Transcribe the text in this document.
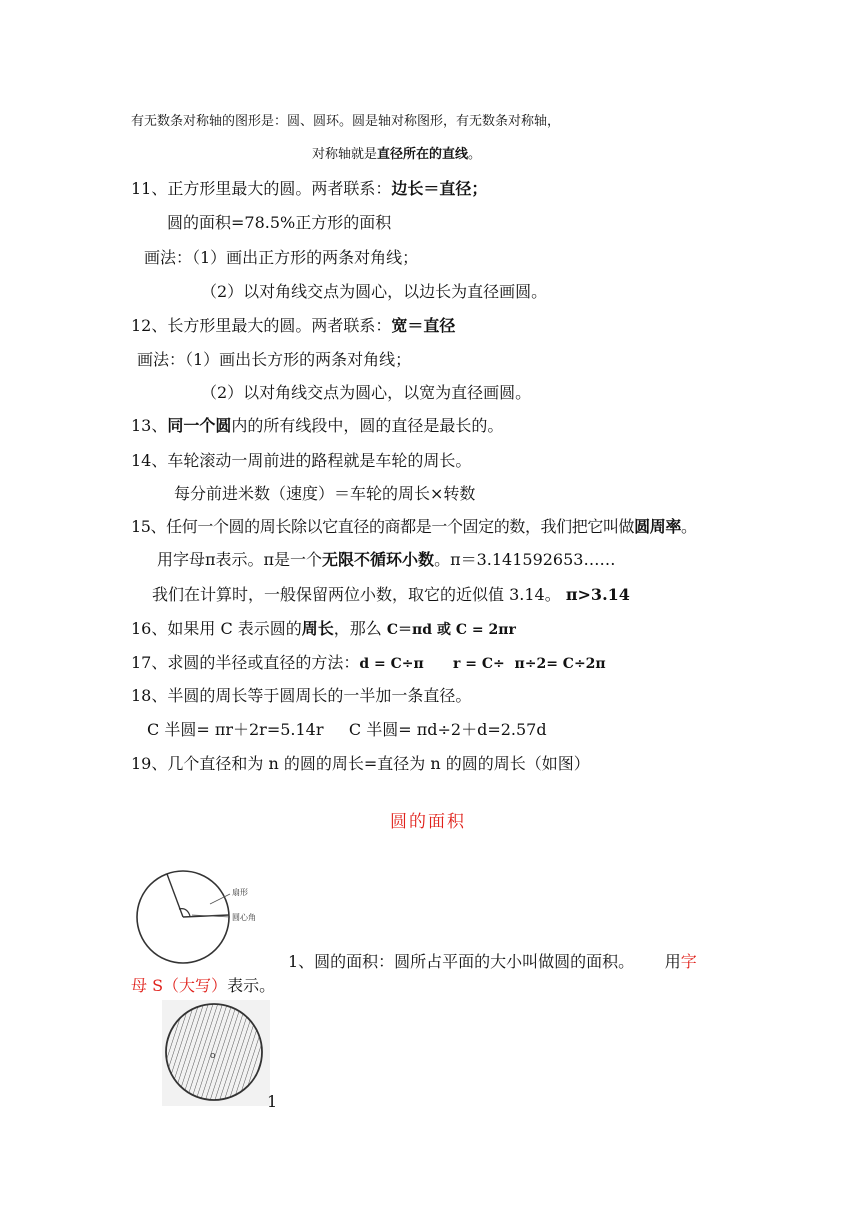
有无数条对称轴的图形是：圆、圆环。圆是轴对称图形，有无数条对称轴，
对称轴就是直径所在的直线。
11、正方形里最大的圆。两者联系：边长＝直径；
圆的面积=78.5%正方形的面积
画法：（1）画出正方形的两条对角线；
（2）以对角线交点为圆心，以边长为直径画圆。
12、长方形里最大的圆。两者联系：宽＝直径
画法：（1）画出长方形的两条对角线；
（2）以对角线交点为圆心，以宽为直径画圆。
13、同一个圆内的所有线段中，圆的直径是最长的。
14、车轮滚动一周前进的路程就是车轮的周长。
每分前进米数（速度）＝车轮的周长×转数
15、任何一个圆的周长除以它直径的商都是一个固定的数，我们把它叫做圆周率。
用字母π表示。π是一个无限不循环小数。π＝3.141592653……
我们在计算时，一般保留两位小数，取它的近似值 3.14。 π>3.14
16、如果用 C 表示圆的周长，那么 C＝πd 或 C = 2πr
17、求圆的半径或直径的方法：d = C÷π      r = C÷  π÷2= C÷2π
18、半圆的周长等于圆周长的一半加一条直径。
C 半圆= πr＋2r=5.14r     C 半圆= πd÷2＋d=2.57d
19、几个直径和为 n 的圆的周长=直径为 n 的圆的周长（如图）
圆的面积
扇形
圆心角
1、圆的面积：圆所占平面的大小叫做圆的面积。      用字
母 S（大写）表示。
o
1
